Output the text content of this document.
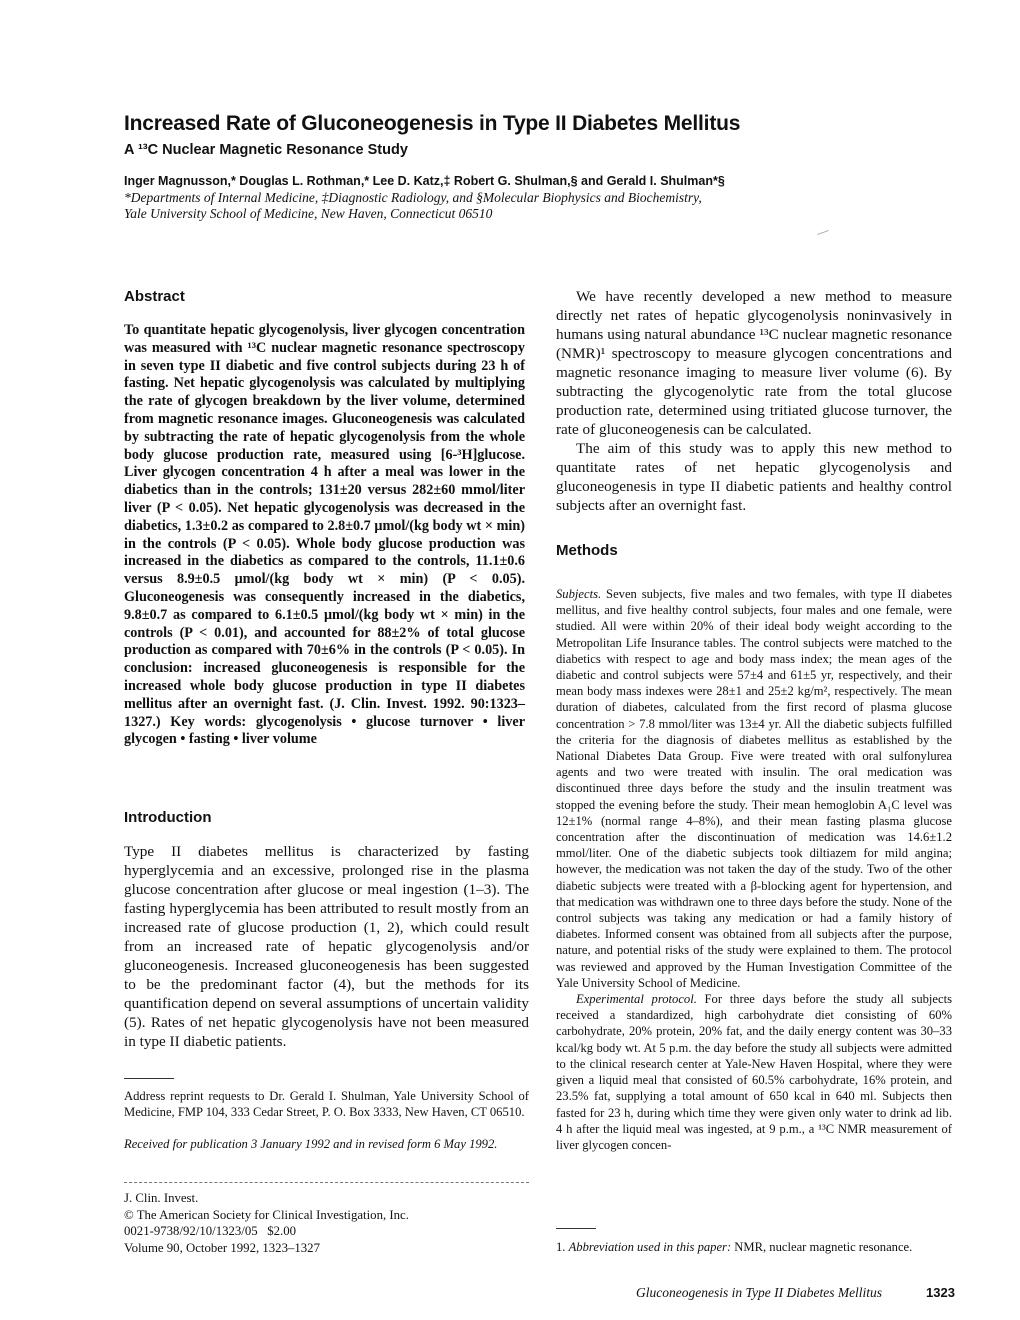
Increased Rate of Gluconeogenesis in Type II Diabetes Mellitus
A ¹³C Nuclear Magnetic Resonance Study
Inger Magnusson,* Douglas L. Rothman,* Lee D. Katz,‡ Robert G. Shulman,§ and Gerald I. Shulman*§
*Departments of Internal Medicine, ‡Diagnostic Radiology, and §Molecular Biophysics and Biochemistry,
Yale University School of Medicine, New Haven, Connecticut 06510
Abstract

To quantitate hepatic glycogenolysis, liver glycogen concentration was measured with ¹³C nuclear magnetic resonance spectroscopy in seven type II diabetic and five control subjects during 23 h of fasting. Net hepatic glycogenolysis was calculated by multiplying the rate of glycogen breakdown by the liver volume, determined from magnetic resonance images. Gluconeogenesis was calculated by subtracting the rate of hepatic glycogenolysis from the whole body glucose production rate, measured using [6-³H]glucose. Liver glycogen concentration 4 h after a meal was lower in the diabetics than in the controls; 131±20 versus 282±60 mmol/liter liver (P < 0.05). Net hepatic glycogenolysis was decreased in the diabetics, 1.3±0.2 as compared to 2.8±0.7 μmol/(kg body wt × min) in the controls (P < 0.05). Whole body glucose production was increased in the diabetics as compared to the controls, 11.1±0.6 versus 8.9±0.5 μmol/(kg body wt × min) (P < 0.05). Gluconeogenesis was consequently increased in the diabetics, 9.8±0.7 as compared to 6.1±0.5 μmol/(kg body wt × min) in the controls (P < 0.01), and accounted for 88±2% of total glucose production as compared with 70±6% in the controls (P < 0.05). In conclusion: increased gluconeogenesis is responsible for the increased whole body glucose production in type II diabetes mellitus after an overnight fast. (J. Clin. Invest. 1992. 90:1323–1327.) Key words: glycogenolysis • glucose turnover • liver glycogen • fasting • liver volume

Introduction

Type II diabetes mellitus is characterized by fasting hyperglycemia and an excessive, prolonged rise in the plasma glucose concentration after glucose or meal ingestion (1–3). The fasting hyperglycemia has been attributed to result mostly from an increased rate of glucose production (1, 2), which could result from an increased rate of hepatic glycogenolysis and/or gluconeogenesis. Increased gluconeogenesis has been suggested to be the predominant factor (4), but the methods for its quantification depend on several assumptions of uncertain validity (5). Rates of net hepatic glycogenolysis have not been measured in type II diabetic patients.

We have recently developed a new method to measure directly net rates of hepatic glycogenolysis noninvasively in humans using natural abundance ¹³C nuclear magnetic resonance (NMR)¹ spectroscopy to measure glycogen concentrations and magnetic resonance imaging to measure liver volume (6). By subtracting the glycogenolytic rate from the total glucose production rate, determined using tritiated glucose turnover, the rate of gluconeogenesis can be calculated.

The aim of this study was to apply this new method to quantitate rates of net hepatic glycogenolysis and gluconeogenesis in type II diabetic patients and healthy control subjects after an overnight fast.

Methods

Subjects. Seven subjects, five males and two females, with type II diabetes mellitus, and five healthy control subjects, four males and one female, were studied. All were within 20% of their ideal body weight according to the Metropolitan Life Insurance tables. The control subjects were matched to the diabetics with respect to age and body mass index; the mean ages of the diabetic and control subjects were 57±4 and 61±5 yr, respectively, and their mean body mass indexes were 28±1 and 25±2 kg/m², respectively. The mean duration of diabetes, calculated from the first record of plasma glucose concentration > 7.8 mmol/liter was 13±4 yr. All the diabetic subjects fulfilled the criteria for the diagnosis of diabetes mellitus as established by the National Diabetes Data Group. Five were treated with oral sulfonylurea agents and two were treated with insulin. The oral medication was discontinued three days before the study and the insulin treatment was stopped the evening before the study. Their mean hemoglobin A₁C level was 12±1% (normal range 4–8%), and their mean fasting plasma glucose concentration after the discontinuation of medication was 14.6±1.2 mmol/liter. One of the diabetic subjects took diltiazem for mild angina; however, the medication was not taken the day of the study. Two of the other diabetic subjects were treated with a β-blocking agent for hypertension, and that medication was withdrawn one to three days before the study. None of the control subjects was taking any medication or had a family history of diabetes. Informed consent was obtained from all subjects after the purpose, nature, and potential risks of the study were explained to them. The protocol was reviewed and approved by the Human Investigation Committee of the Yale University School of Medicine.

Experimental protocol. For three days before the study all subjects received a standardized, high carbohydrate diet consisting of 60% carbohydrate, 20% protein, 20% fat, and the daily energy content was 30–33 kcal/kg body wt. At 5 p.m. the day before the study all subjects were admitted to the clinical research center at Yale-New Haven Hospital, where they were given a liquid meal that consisted of 60.5% carbohydrate, 16% protein, and 23.5% fat, supplying a total amount of 650 kcal in 640 ml. Subjects then fasted for 23 h, during which time they were given only water to drink ad lib. 4 h after the liquid meal was ingested, at 9 p.m., a ¹³C NMR measurement of liver glycogen concen-

Address reprint requests to Dr. Gerald I. Shulman, Yale University School of Medicine, FMP 104, 333 Cedar Street, P. O. Box 3333, New Haven, CT 06510.
Received for publication 3 January 1992 and in revised form 6 May 1992.
J. Clin. Invest.
© The American Society for Clinical Investigation, Inc.
0021-9738/92/10/1323/05   $2.00
Volume 90, October 1992, 1323–1327	1. Abbreviation used in this paper: NMR, nuclear magnetic resonance.
Gluconeogenesis in Type II Diabetes Mellitus	1323
